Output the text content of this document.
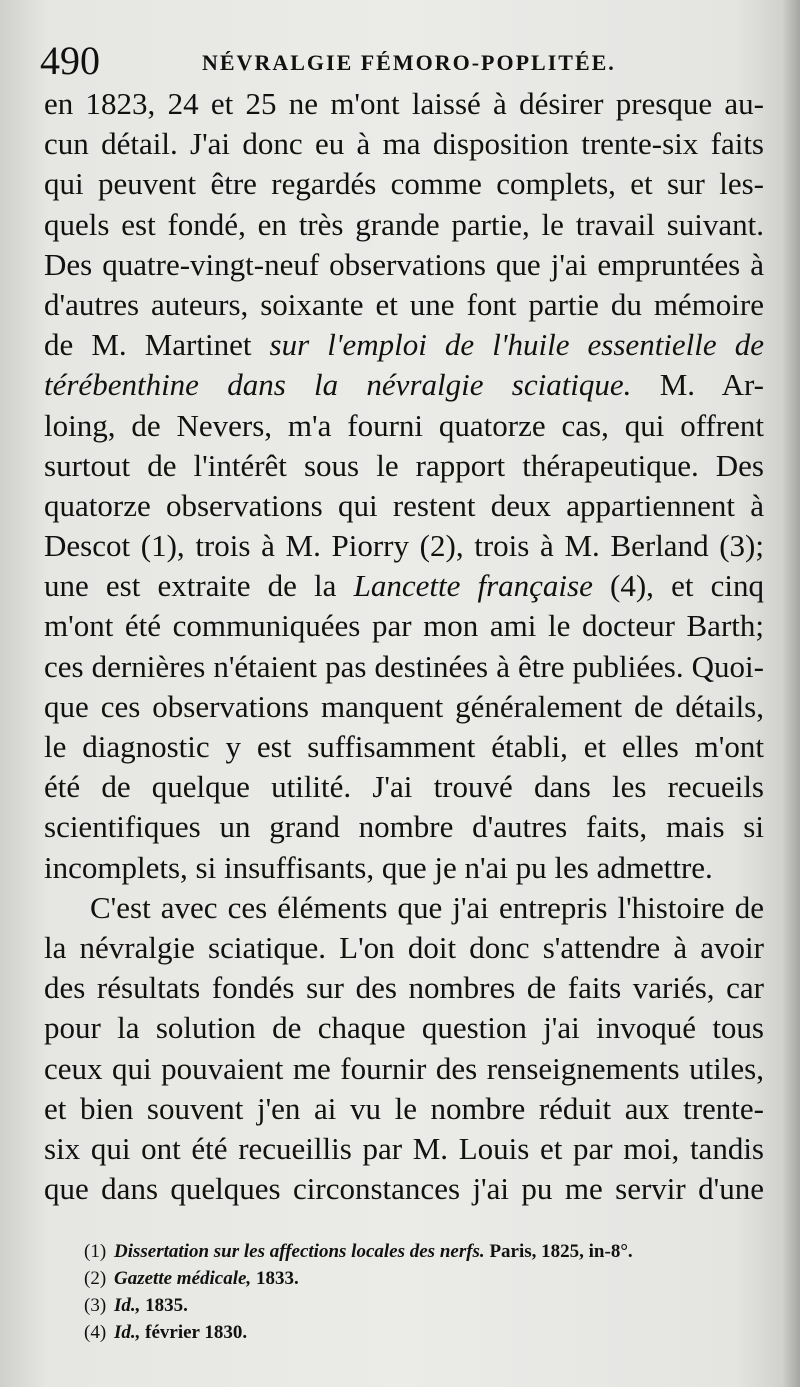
490	NÉVRALGIE FÉMORO-POPLITÉE.
en 1823, 24 et 25 ne m'ont laissé à désirer presque au-
cun détail. J'ai donc eu à ma disposition trente-six faits
qui peuvent être regardés comme complets, et sur les-
quels est fondé, en très grande partie, le travail suivant.
Des quatre-vingt-neuf observations que j'ai empruntées à
d'autres auteurs, soixante et une font partie du mémoire
de M. Martinet sur l'emploi de l'huile essentielle de
térébenthine dans la névralgie sciatique. M. Ar-
loing, de Nevers, m'a fourni quatorze cas, qui offrent
surtout de l'intérêt sous le rapport thérapeutique. Des
quatorze observations qui restent deux appartiennent à
Descot (1), trois à M. Piorry (2), trois à M. Berland (3);
une est extraite de la Lancette française (4), et cinq
m'ont été communiquées par mon ami le docteur Barth;
ces dernières n'étaient pas destinées à être publiées. Quoi-
que ces observations manquent généralement de détails,
le diagnostic y est suffisamment établi, et elles m'ont
été de quelque utilité. J'ai trouvé dans les recueils
scientifiques un grand nombre d'autres faits, mais si
incomplets, si insuffisants, que je n'ai pu les admettre.
C'est avec ces éléments que j'ai entrepris l'histoire de
la névralgie sciatique. L'on doit donc s'attendre à avoir
des résultats fondés sur des nombres de faits variés, car
pour la solution de chaque question j'ai invoqué tous
ceux qui pouvaient me fournir des renseignements utiles,
et bien souvent j'en ai vu le nombre réduit aux trente-
six qui ont été recueillis par M. Louis et par moi, tandis
que dans quelques circonstances j'ai pu me servir d'une
(1) Dissertation sur les affections locales des nerfs. Paris, 1825, in-8°.
(2) Gazette médicale, 1833.
(3) Id., 1835.
(4) Id., février 1830.
